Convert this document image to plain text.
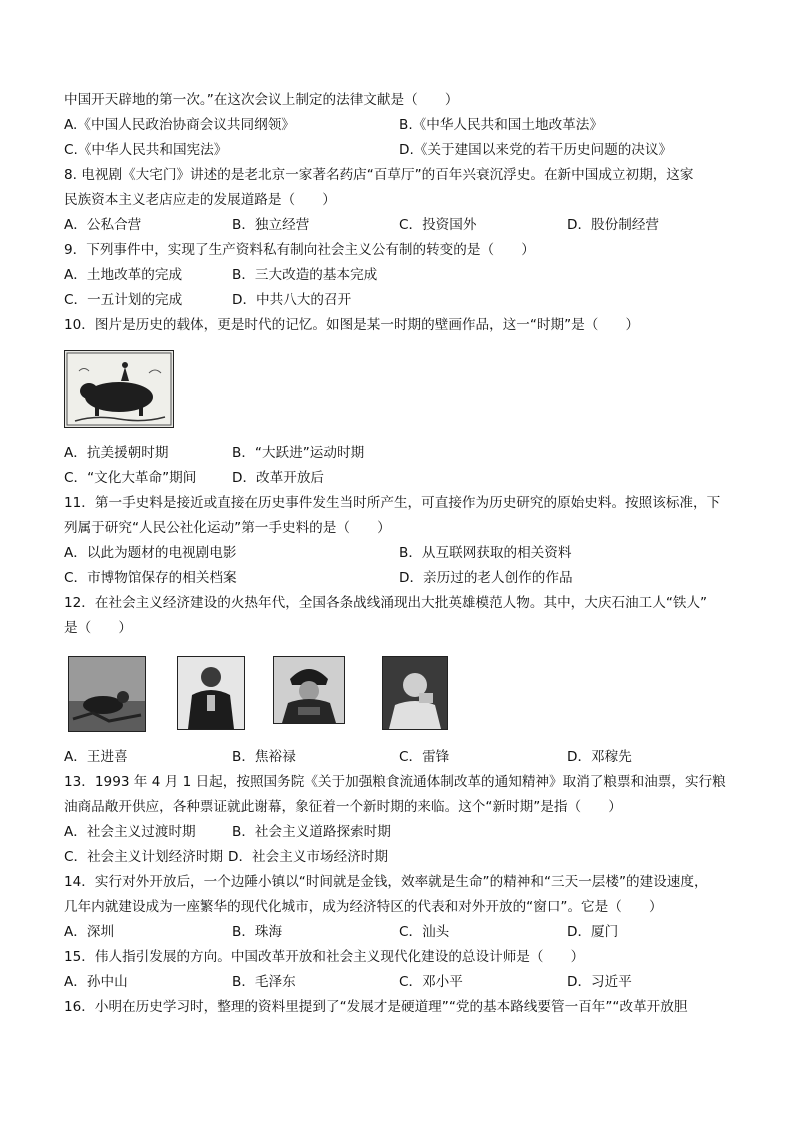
中国开天辟地的第一次。”在这次会议上制定的法律文献是（　　）
A.《中国人民政治协商会议共同纲领》	B.《中华人民共和国土地改革法》
C.《中华人民共和国宪法》	D.《关于建国以来党的若干历史问题的决议》
8. 电视剧《大宅门》讲述的是老北京一家著名药店“百草厅”的百年兴衰沉浮史。在新中国成立初期，这家
民族资本主义老店应走的发展道路是（　　）
A．公私合营	B．独立经营	C．投资国外	D．股份制经营
9．下列事件中，实现了生产资料私有制向社会主义公有制的转变的是（　　）
A．土地改革的完成	B．三大改造的基本完成
C．一五计划的完成	D．中共八大的召开
10．图片是历史的载体，更是时代的记忆。如图是某一时期的壁画作品，这一“时期”是（　　）
A．抗美援朝时期	B．“大跃进”运动时期
C．“文化大革命”期间	D．改革开放后
11．第一手史料是接近或直接在历史事件发生当时所产生，可直接作为历史研究的原始史料。按照该标准，下
列属于研究“人民公社化运动”第一手史料的是（　　）
A．以此为题材的电视剧电影	B．从互联网获取的相关资料
C．市博物馆保存的相关档案	D．亲历过的老人创作的作品
12．在社会主义经济建设的火热年代，全国各条战线涌现出大批英雄模范人物。其中，大庆石油工人“铁人”
是（　　）
A．王进喜	B．焦裕禄	C．雷锋	D．邓稼先
13．1993 年 4 月 1 日起，按照国务院《关于加强粮食流通体制改革的通知精神》取消了粮票和油票，实行粮
油商品敞开供应，各种票证就此谢幕，象征着一个新时期的来临。这个“新时期”是指（　　）
A．社会主义过渡时期	B．社会主义道路探索时期
C．社会主义计划经济时期 D．社会主义市场经济时期
14．实行对外开放后，一个边陲小镇以“时间就是金钱，效率就是生命”的精神和“三天一层楼”的建设速度，
几年内就建设成为一座繁华的现代化城市，成为经济特区的代表和对外开放的“窗口”。它是（　　）
A．深圳	B．珠海	C．汕头	D．厦门
15．伟人指引发展的方向。中国改革开放和社会主义现代化建设的总设计师是（　　）
A．孙中山	B．毛泽东	C．邓小平	D．习近平
16．小明在历史学习时，整理的资料里提到了“发展才是硬道理”“党的基本路线要管一百年”“改革开放胆
